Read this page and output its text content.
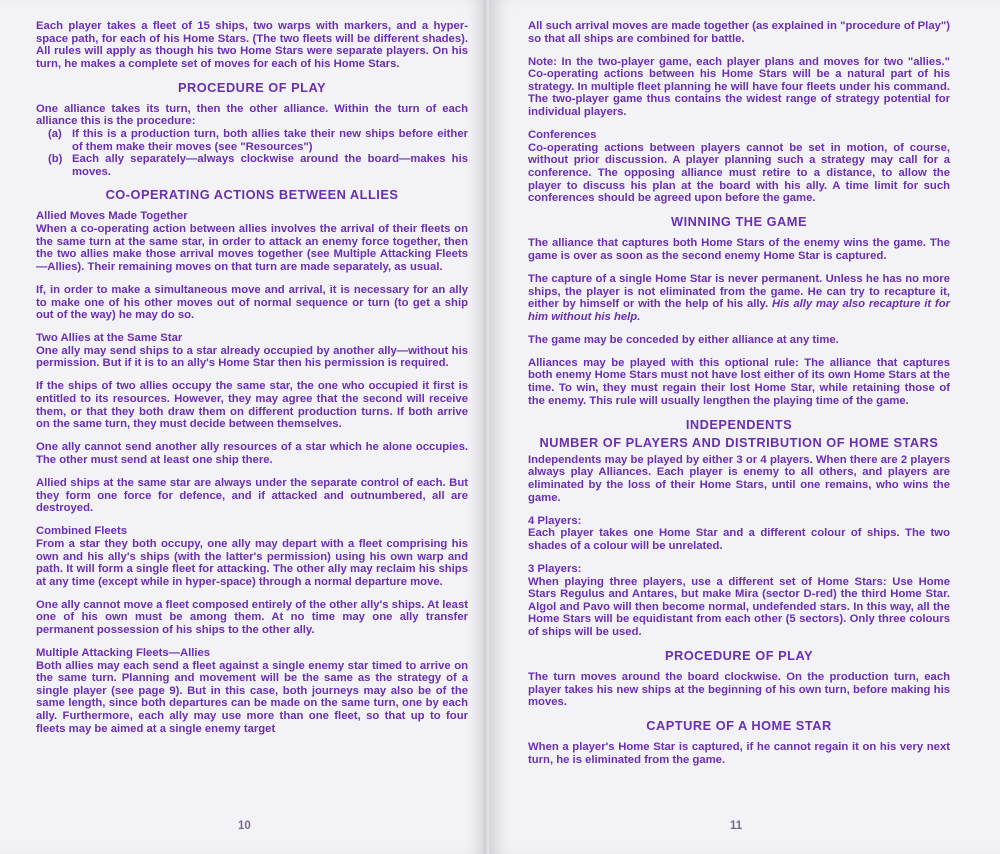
Each player takes a fleet of 15 ships, two warps with markers, and a hyper-space path, for each of his Home Stars. (The two fleets will be different shades). All rules will apply as though his two Home Stars were separate players. On his turn, he makes a complete set of moves for each of his Home Stars.

PROCEDURE OF PLAY

One alliance takes its turn, then the other alliance. Within the turn of each alliance this is the procedure:

(a) If this is a production turn, both allies take their new ships before either of them make their moves (see "Resources")
(b) Each ally separately—always clockwise around the board—makes his moves.
CO-OPERATING ACTIONS BETWEEN ALLIES
Allied Moves Made Together

When a co-operating action between allies involves the arrival of their fleets on the same turn at the same star, in order to attack an enemy force together, then the two allies make those arrival moves together (see Multiple Attacking Fleets—Allies). Their remaining moves on that turn are made separately, as usual.

If, in order to make a simultaneous move and arrival, it is necessary for an ally to make one of his other moves out of normal sequence or turn (to get a ship out of the way) he may do so.

Two Allies at the Same Star

One ally may send ships to a star already occupied by another ally—without his permission. But if it is to an ally's Home Star then his permission is required.

If the ships of two allies occupy the same star, the one who occupied it first is entitled to its resources. However, they may agree that the second will receive them, or that they both draw them on different production turns. If both arrive on the same turn, they must decide between themselves.

One ally cannot send another ally resources of a star which he alone occupies. The other must send at least one ship there.

Allied ships at the same star are always under the separate control of each. But they form one force for defence, and if attacked and outnumbered, all are destroyed.

Combined Fleets

From a star they both occupy, one ally may depart with a fleet comprising his own and his ally's ships (with the latter's permission) using his own warp and path. It will form a single fleet for attacking. The other ally may reclaim his ships at any time (except while in hyper-space) through a normal departure move.

One ally cannot move a fleet composed entirely of the other ally's ships. At least one of his own must be among them. At no time may one ally transfer permanent possession of his ships to the other ally.

Multiple Attacking Fleets—Allies

Both allies may each send a fleet against a single enemy star timed to arrive on the same turn. Planning and movement will be the same as the strategy of a single player (see page 9). But in this case, both journeys may also be of the same length, since both departures can be made on the same turn, one by each ally. Furthermore, each ally may use more than one fleet, so that up to four fleets may be aimed at a single enemy target

10

All such arrival moves are made together (as explained in "procedure of Play") so that all ships are combined for battle.

Note: In the two-player game, each player plans and moves for two "allies." Co-operating actions between his Home Stars will be a natural part of his strategy. In multiple fleet planning he will have four fleets under his command. The two-player game thus contains the widest range of strategy potential for individual players.

Conferences

Co-operating actions between players cannot be set in motion, of course, without prior discussion. A player planning such a strategy may call for a conference. The opposing alliance must retire to a distance, to allow the player to discuss his plan at the board with his ally. A time limit for such conferences should be agreed upon before the game.

WINNING THE GAME

The alliance that captures both Home Stars of the enemy wins the game. The game is over as soon as the second enemy Home Star is captured.

The capture of a single Home Star is never permanent. Unless he has no more ships, the player is not eliminated from the game. He can try to recapture it, either by himself or with the help of his ally. His ally may also recapture it for him without his help.

The game may be conceded by either alliance at any time.

Alliances may be played with this optional rule: The alliance that captures both enemy Home Stars must not have lost either of its own Home Stars at the time. To win, they must regain their lost Home Star, while retaining those of the enemy. This rule will usually lengthen the playing time of the game.

INDEPENDENTS
NUMBER OF PLAYERS AND DISTRIBUTION OF HOME STARS

Independents may be played by either 3 or 4 players. When there are 2 players always play Alliances. Each player is enemy to all others, and players are eliminated by the loss of their Home Stars, until one remains, who wins the game.

4 Players:

Each player takes one Home Star and a different colour of ships. The two shades of a colour will be unrelated.

3 Players:

When playing three players, use a different set of Home Stars: Use Home Stars Regulus and Antares, but make Mira (sector D-red) the third Home Star. Algol and Pavo will then become normal, undefended stars. In this way, all the Home Stars will be equidistant from each other (5 sectors). Only three colours of ships will be used.

PROCEDURE OF PLAY

The turn moves around the board clockwise. On the production turn, each player takes his new ships at the beginning of his own turn, before making his moves.

CAPTURE OF A HOME STAR

When a player's Home Star is captured, if he cannot regain it on his very next turn, he is eliminated from the game.

11
